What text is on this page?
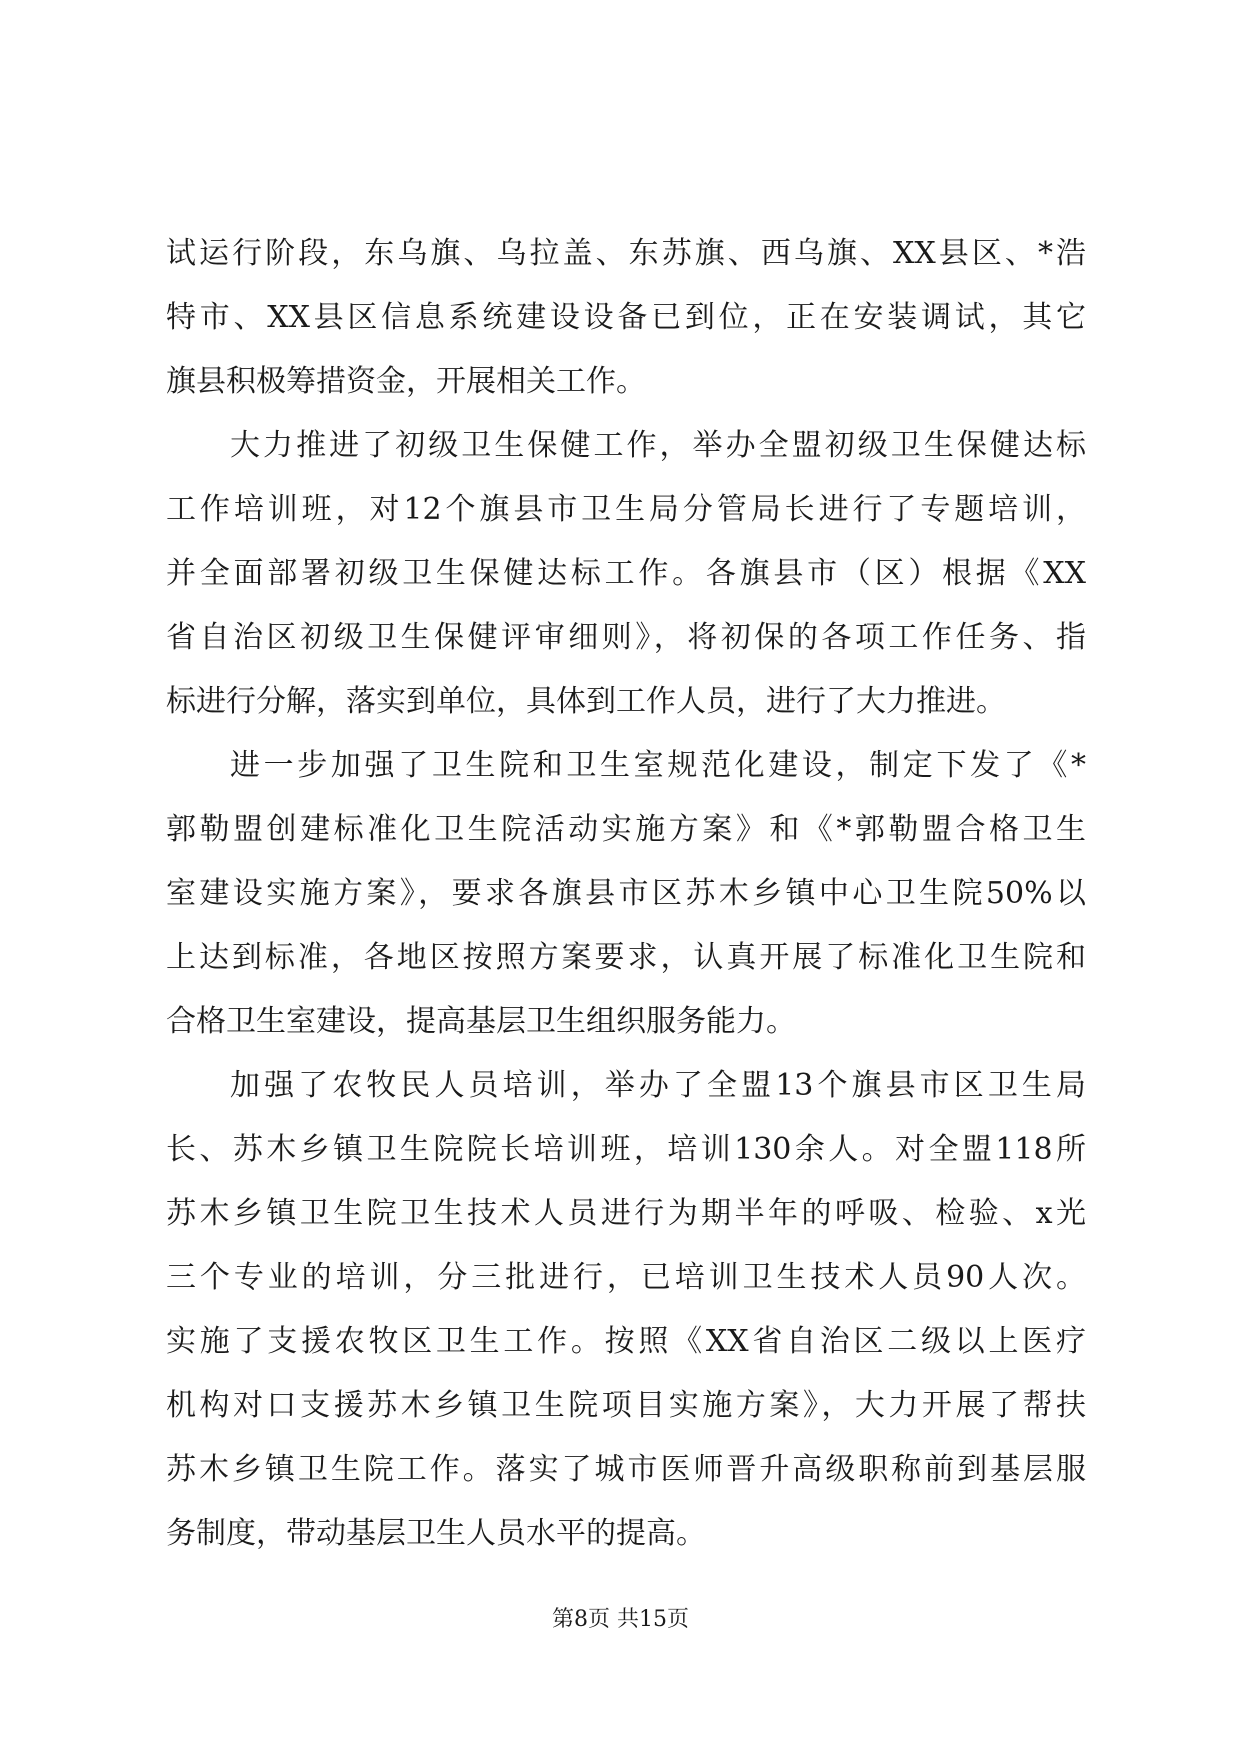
试运行阶段，东乌旗、乌拉盖、东苏旗、西乌旗、XX县区、*浩
特市、XX县区信息系统建设设备已到位，正在安装调试，其它
旗县积极筹措资金，开展相关工作。
大力推进了初级卫生保健工作，举办全盟初级卫生保健达标
工作培训班，对12个旗县市卫生局分管局长进行了专题培训，
并全面部署初级卫生保健达标工作。各旗县市（区）根据《XX
省自治区初级卫生保健评审细则》，将初保的各项工作任务、指
标进行分解，落实到单位，具体到工作人员，进行了大力推进。
进一步加强了卫生院和卫生室规范化建设，制定下发了《*
郭勒盟创建标准化卫生院活动实施方案》和《*郭勒盟合格卫生
室建设实施方案》，要求各旗县市区苏木乡镇中心卫生院50%以
上达到标准，各地区按照方案要求，认真开展了标准化卫生院和
合格卫生室建设，提高基层卫生组织服务能力。
加强了农牧民人员培训，举办了全盟13个旗县市区卫生局
长、苏木乡镇卫生院院长培训班，培训130余人。对全盟118所
苏木乡镇卫生院卫生技术人员进行为期半年的呼吸、检验、x光
三个专业的培训，分三批进行，已培训卫生技术人员90人次。
实施了支援农牧区卫生工作。按照《XX省自治区二级以上医疗
机构对口支援苏木乡镇卫生院项目实施方案》，大力开展了帮扶
苏木乡镇卫生院工作。落实了城市医师晋升高级职称前到基层服
务制度，带动基层卫生人员水平的提高。
第8页 共15页
